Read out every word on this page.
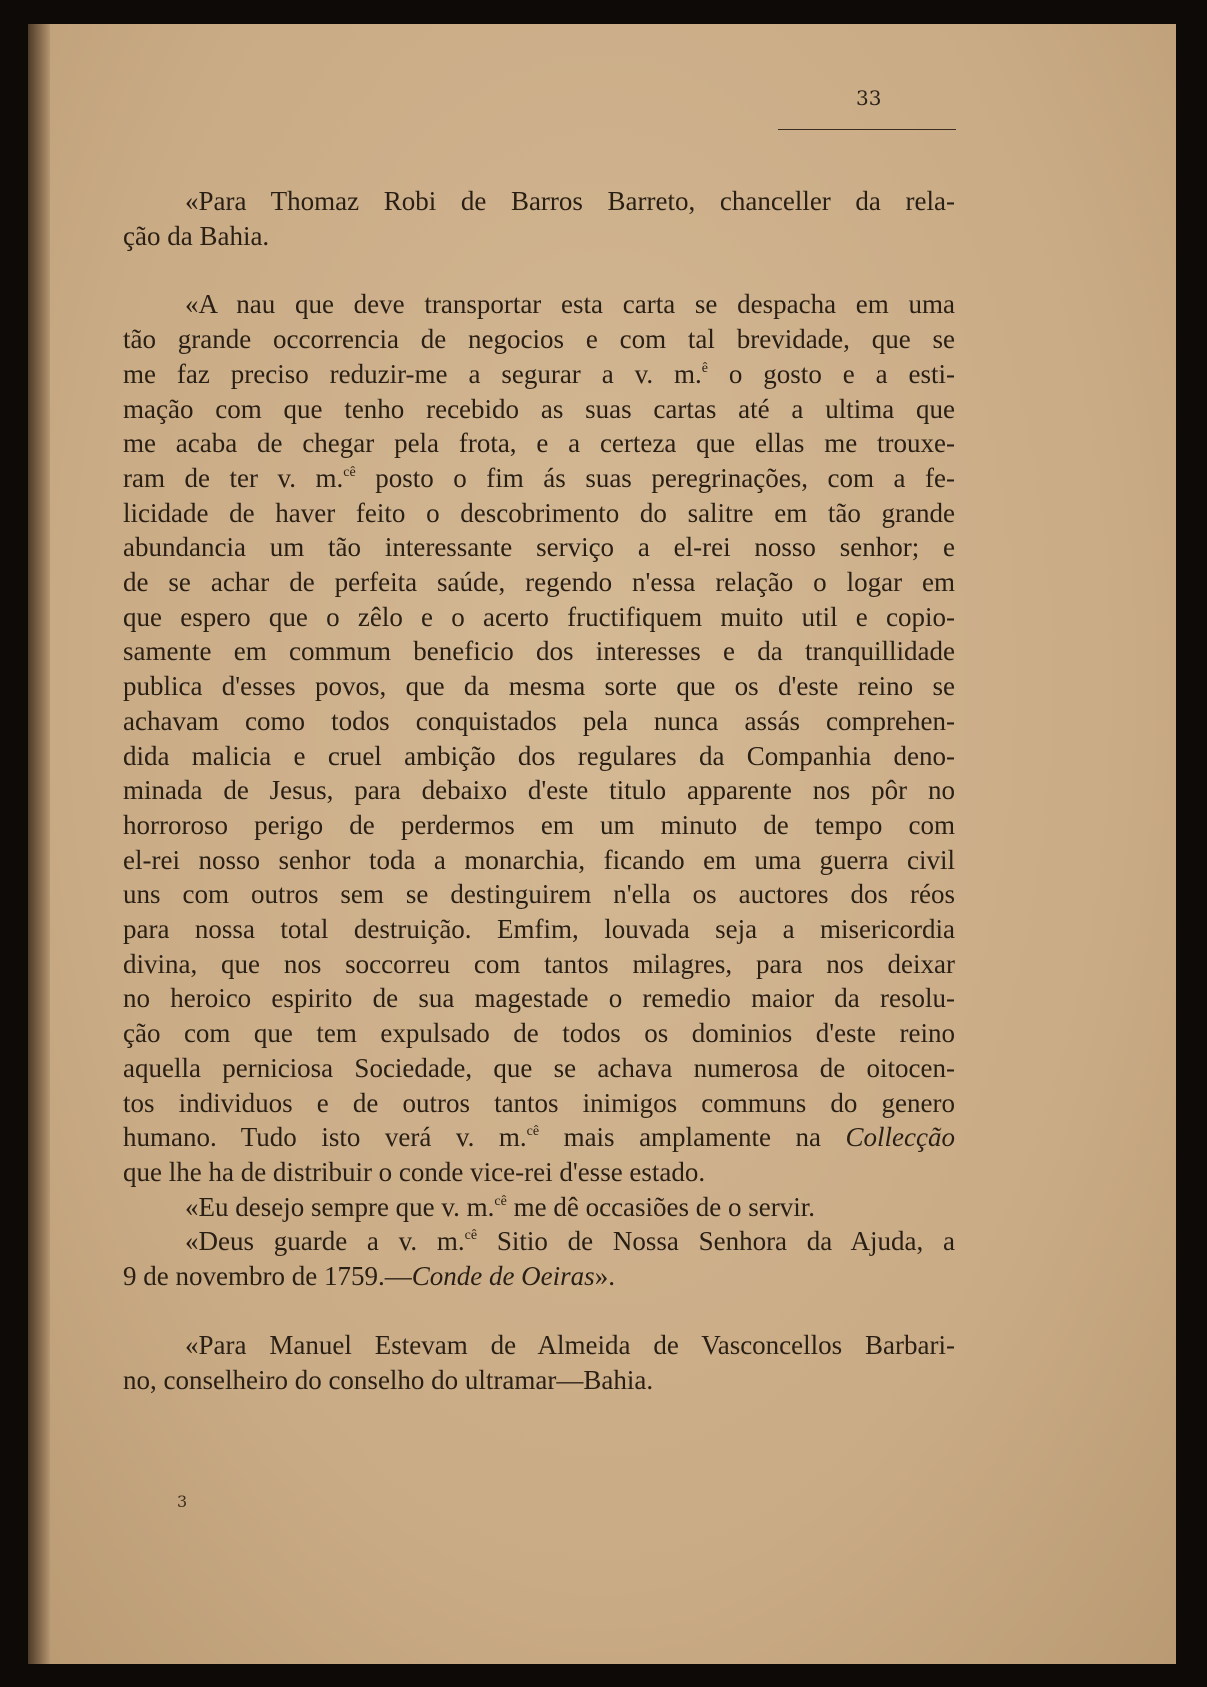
33

«Para Thomaz Robi de Barros Barreto, chanceller da rela-
ção da Bahia.

«A nau que deve transportar esta carta se despacha em uma
tão grande occorrencia de negocios e com tal brevidade, que se
me faz preciso reduzir-me a segurar a v. m.$^ê$ o gosto e a esti-
mação com que tenho recebido as suas cartas até a ultima que
me acaba de chegar pela frota, e a certeza que ellas me trouxe-
ram de ter v. m.$^{cê}$ posto o fim ás suas peregrinações, com a fe-
licidade de haver feito o descobrimento do salitre em tão grande
abundancia um tão interessante serviço a el-rei nosso senhor; e
de se achar de perfeita saúde, regendo n'essa relação o logar em
que espero que o zêlo e o acerto fructifiquem muito util e copio-
samente em commum beneficio dos interesses e da tranquillidade
publica d'esses povos, que da mesma sorte que os d'este reino se
achavam como todos conquistados pela nunca assás comprehen-
dida malicia e cruel ambição dos regulares da Companhia deno-
minada de Jesus, para debaixo d'este titulo apparente nos pôr no
horroroso perigo de perdermos em um minuto de tempo com
el-rei nosso senhor toda a monarchia, ficando em uma guerra civil
uns com outros sem se destinguirem n'ella os auctores dos réos
para nossa total destruição. Emfim, louvada seja a misericordia
divina, que nos soccorreu com tantos milagres, para nos deixar
no heroico espirito de sua magestade o remedio maior da resolu-
ção com que tem expulsado de todos os dominios d'este reino
aquella perniciosa Sociedade, que se achava numerosa de oitocen-
tos individuos e de outros tantos inimigos communs do genero
humano. Tudo isto verá v. m.$^{cê}$ mais amplamente na Collecção
que lhe ha de distribuir o conde vice-rei d'esse estado.

«Eu desejo sempre que v. m.$^{cê}$ me dê occasiões de o servir.

«Deus guarde a v. m.$^{cê}$ Sitio de Nossa Senhora da Ajuda, a
9 de novembro de 1759.—Conde de Oeiras».

«Para Manuel Estevam de Almeida de Vasconcellos Barbari-
no, conselheiro do conselho do ultramar—Bahia.

3
